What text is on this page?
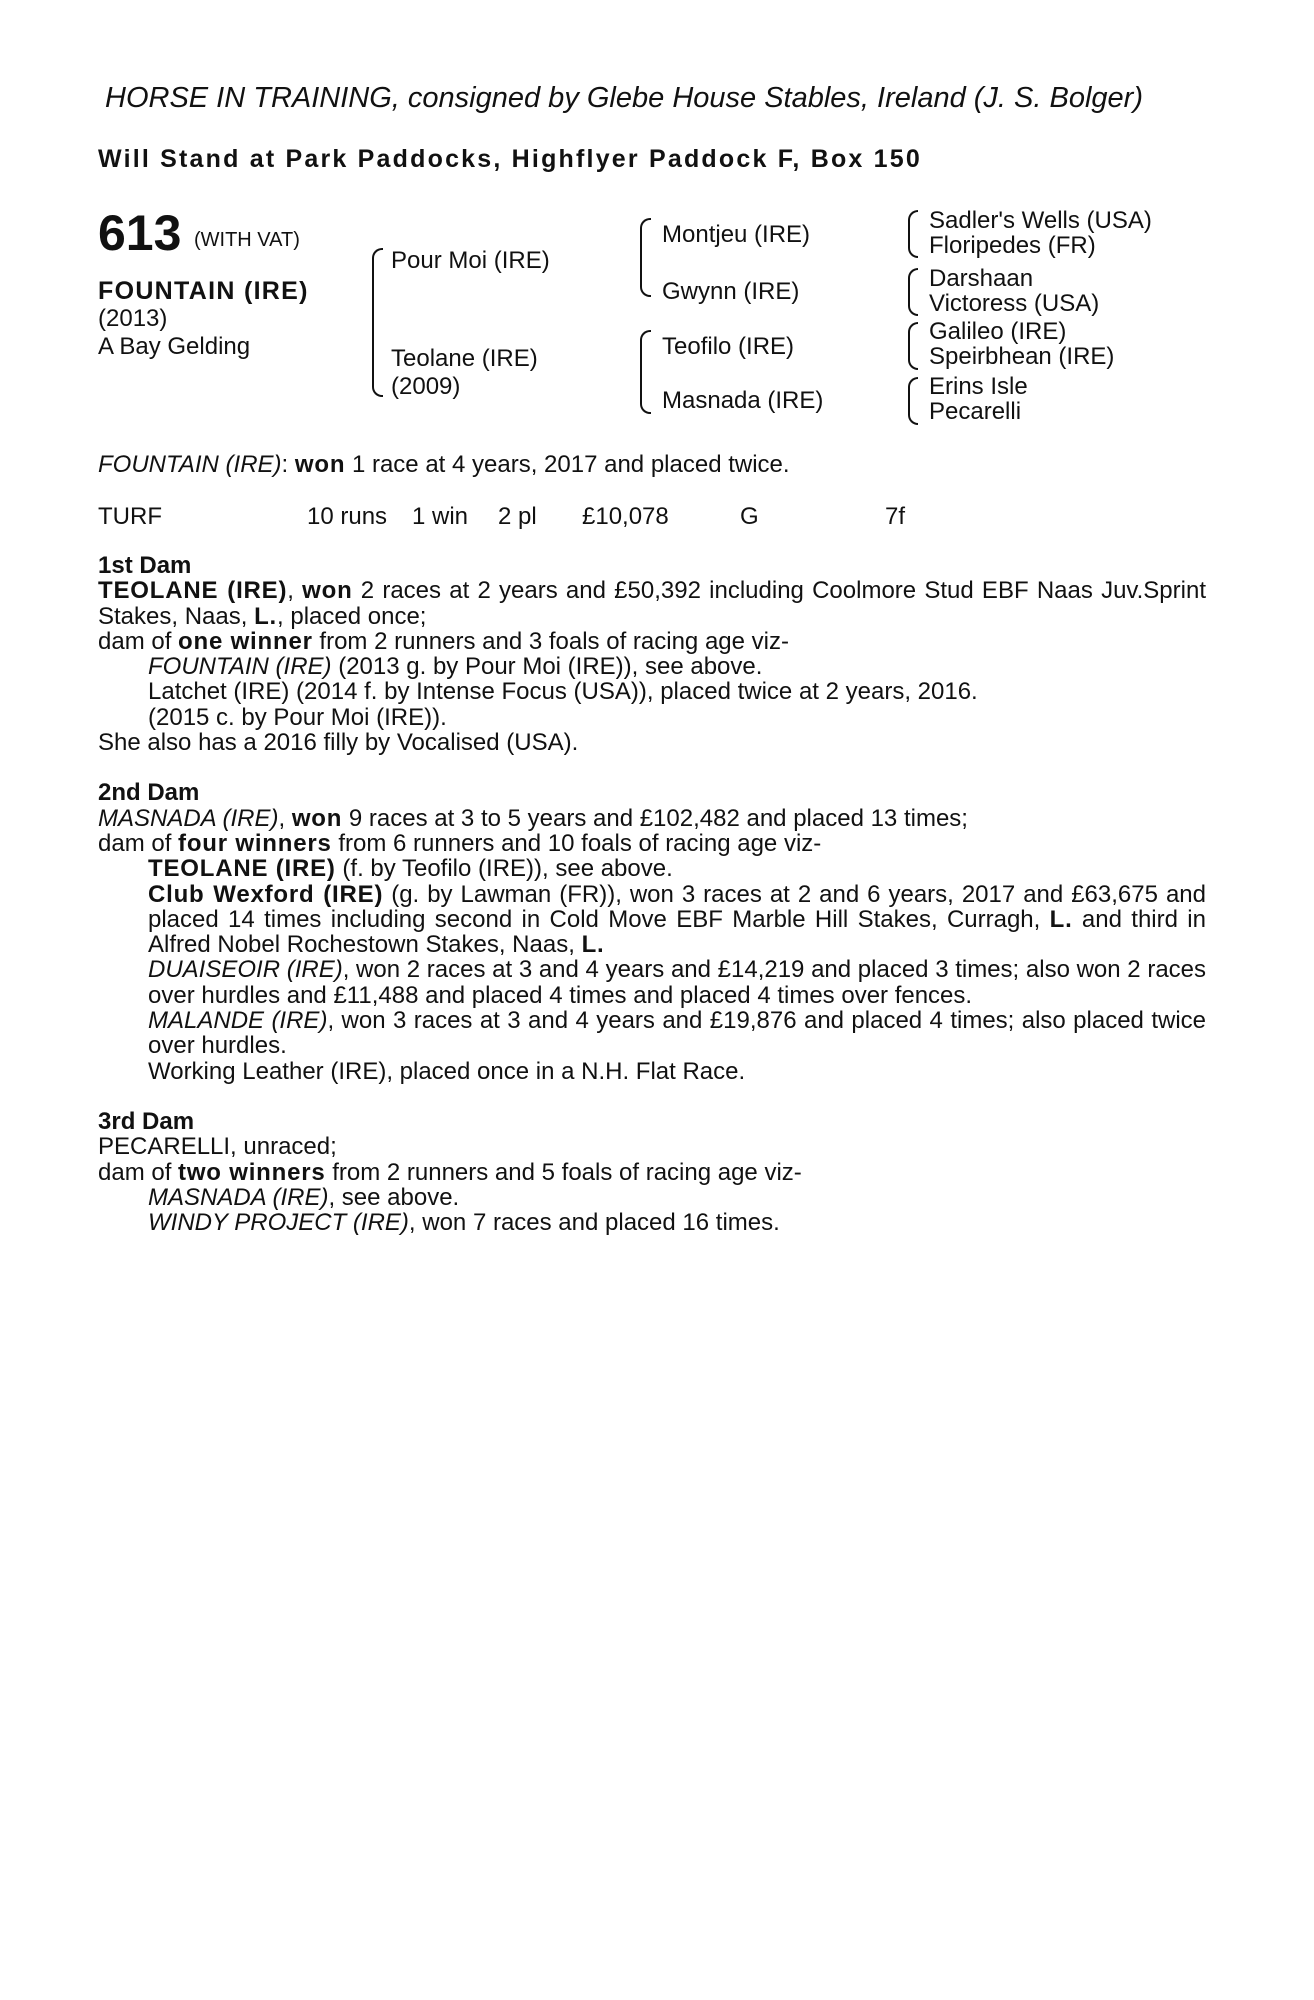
HORSE IN TRAINING, consigned by Glebe House Stables, Ireland (J. S. Bolger)
Will Stand at Park Paddocks, Highflyer Paddock F, Box 150
613 (WITH VAT)
FOUNTAIN (IRE)
(2013)
A Bay Gelding
Pour Moi (IRE)
Teolane (IRE)
(2009)
Montjeu (IRE)
Gwynn (IRE)
Teofilo (IRE)
Masnada (IRE)
Sadler's Wells (USA)
Floripedes (FR)
Darshaan
Victoress (USA)
Galileo (IRE)
Speirbhean (IRE)
Erins Isle
Pecarelli
FOUNTAIN (IRE): won 1 race at 4 years, 2017 and placed twice.
TURF	10 runs 1 win 2 pl £10,078	G	7f

1st Dam

TEOLANE (IRE), won 2 races at 2 years and £50,392 including Coolmore Stud EBF Naas Juv.Sprint Stakes, Naas, L., placed once;

dam of one winner from 2 runners and 3 foals of racing age viz-

FOUNTAIN (IRE) (2013 g. by Pour Moi (IRE)), see above.

Latchet (IRE) (2014 f. by Intense Focus (USA)), placed twice at 2 years, 2016.

(2015 c. by Pour Moi (IRE)).

She also has a 2016 filly by Vocalised (USA).

2nd Dam

MASNADA (IRE), won 9 races at 3 to 5 years and £102,482 and placed 13 times;

dam of four winners from 6 runners and 10 foals of racing age viz-

TEOLANE (IRE) (f. by Teofilo (IRE)), see above.

Club Wexford (IRE) (g. by Lawman (FR)), won 3 races at 2 and 6 years, 2017 and £63,675 and placed 14 times including second in Cold Move EBF Marble Hill Stakes, Curragh, L. and third in Alfred Nobel Rochestown Stakes, Naas, L.

DUAISEOIR (IRE), won 2 races at 3 and 4 years and £14,219 and placed 3 times; also won 2 races over hurdles and £11,488 and placed 4 times and placed 4 times over fences.

MALANDE (IRE), won 3 races at 3 and 4 years and £19,876 and placed 4 times; also placed twice over hurdles.

Working Leather (IRE), placed once in a N.H. Flat Race.

3rd Dam

PECARELLI, unraced;

dam of two winners from 2 runners and 5 foals of racing age viz-

MASNADA (IRE), see above.

WINDY PROJECT (IRE), won 7 races and placed 16 times.
